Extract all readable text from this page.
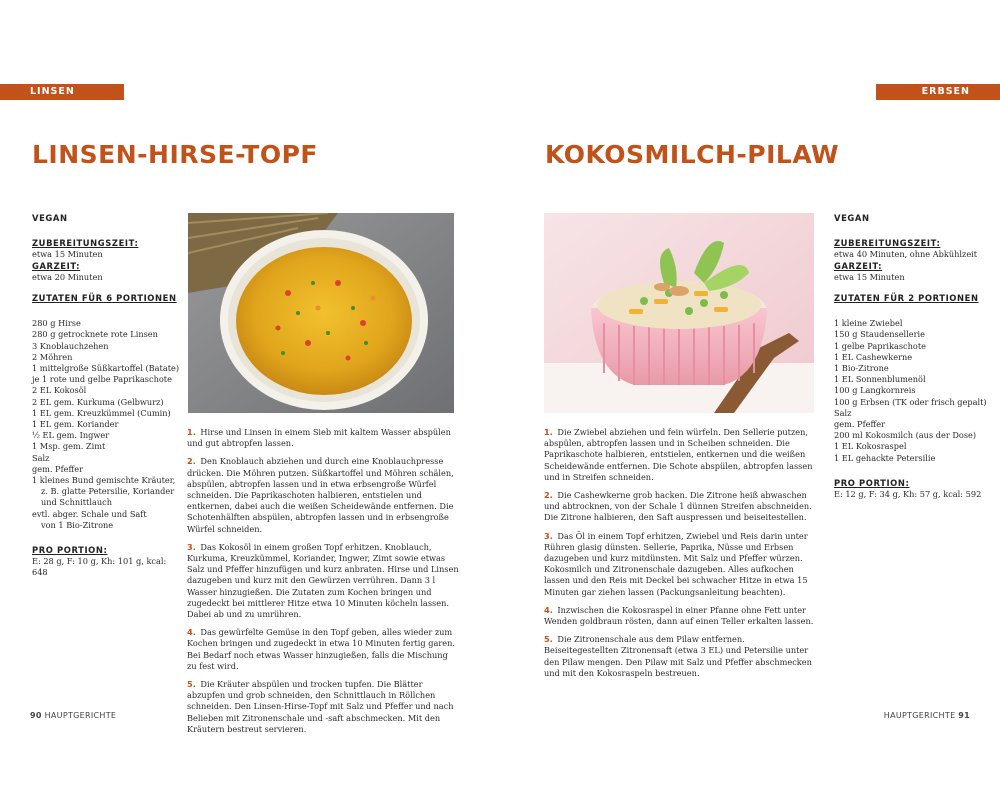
LINSEN
LINSEN-HIRSE-TOPF
VEGAN
ZUBEREITUNGSZEIT:
etwa 15 Minuten
GARZEIT:
etwa 20 Minuten
ZUTATEN FÜR 6 PORTIONEN
280 g Hirse
280 g getrocknete rote Linsen
3 Knoblauchzehen
2 Möhren
1 mittelgroße Süßkartoffel (Batate)
je 1 rote und gelbe Paprikaschote
2 EL Kokosöl
2 EL gem. Kurkuma (Gelbwurz)
1 EL gem. Kreuzkümmel (Cumin)
1 EL gem. Koriander
½ EL gem. Ingwer
1 Msp. gem. Zimt
Salz
gem. Pfeffer
1 kleines Bund gemischte Kräuter,
z. B. glatte Petersilie, Koriander
und Schnittlauch
evtl. abger. Schale und Saft
von 1 Bio-Zitrone
PRO PORTION:
E: 28 g, F: 10 g, Kh: 101 g, kcal: 648

1. Hirse und Linsen in einem Sieb mit kaltem Wasser abspülen und gut abtropfen lassen.

2. Den Knoblauch abziehen und durch eine Knoblauchpresse drücken. Die Möhren putzen. Süßkartoffel und Möhren schälen, abspülen, abtropfen lassen und in etwa erbsengroße Würfel schneiden. Die Paprikaschoten halbieren, entstielen und entkernen, dabei auch die weißen Scheidewände entfernen. Die Schotenhälften abspülen, abtropfen lassen und in erbsengroße Würfel schneiden.

3. Das Kokosöl in einem großen Topf erhitzen. Knoblauch, Kurkuma, Kreuzkümmel, Koriander, Ingwer, Zimt sowie etwas Salz und Pfeffer hinzufügen und kurz anbraten. Hirse und Linsen dazugeben und kurz mit den Gewürzen verrühren. Dann 3 l Wasser hinzugießen. Die Zutaten zum Kochen bringen und zugedeckt bei mittlerer Hitze etwa 10 Minuten köcheln lassen. Dabei ab und zu umrühren.

4. Das gewürfelte Gemüse in den Topf geben, alles wieder zum Kochen bringen und zugedeckt in etwa 10 Minuten fertig garen. Bei Bedarf noch etwas Wasser hinzugießen, falls die Mischung zu fest wird.

5. Die Kräuter abspülen und trocken tupfen. Die Blätter abzupfen und grob schneiden, den Schnittlauch in Röllchen schneiden. Den Linsen-Hirse-Topf mit Salz und Pfeffer und nach Belieben mit Zitronenschale und -saft abschmecken. Mit den Kräutern bestreut servieren.

90 HAUPTGERICHTE
ERBSEN
KOKOSMILCH-PILAW
VEGAN
ZUBEREITUNGSZEIT:
etwa 40 Minuten, ohne Abkühlzeit
GARZEIT:
etwa 15 Minuten
ZUTATEN FÜR 2 PORTIONEN
1 kleine Zwiebel
150 g Staudensellerie
1 gelbe Paprikaschote
1 EL Cashewkerne
1 Bio-Zitrone
1 EL Sonnenblumenöl
100 g Langkornreis
100 g Erbsen (TK oder frisch gepalt)
Salz
gem. Pfeffer
200 ml Kokosmilch (aus der Dose)
1 EL Kokosraspel
1 EL gehackte Petersilie
PRO PORTION:
E: 12 g, F: 34 g, Kh: 57 g, kcal: 592

1. Die Zwiebel abziehen und fein würfeln. Den Sellerie putzen, abspülen, abtropfen lassen und in Scheiben schneiden. Die Paprikaschote halbieren, entstielen, entkernen und die weißen Scheidewände entfernen. Die Schote abspülen, abtropfen lassen und in Streifen schneiden.

2. Die Cashewkerne grob hacken. Die Zitrone heiß abwaschen und abtrocknen, von der Schale 1 dünnen Streifen abschneiden. Die Zitrone halbieren, den Saft auspressen und beiseitestellen.

3. Das Öl in einem Topf erhitzen, Zwiebel und Reis darin unter Rühren glasig dünsten. Sellerie, Paprika, Nüsse und Erbsen dazugeben und kurz mitdünsten. Mit Salz und Pfeffer würzen. Kokosmilch und Zitronenschale dazugeben. Alles aufkochen lassen und den Reis mit Deckel bei schwacher Hitze in etwa 15 Minuten gar ziehen lassen (Packungsanleitung beachten).

4. Inzwischen die Kokosraspel in einer Pfanne ohne Fett unter Wenden goldbraun rösten, dann auf einen Teller erkalten lassen.

5. Die Zitronenschale aus dem Pilaw entfernen. Beiseitegestellten Zitronensaft (etwa 3 EL) und Petersilie unter den Pilaw mengen. Den Pilaw mit Salz und Pfeffer abschmecken und mit den Kokosraspeln bestreuen.

HAUPTGERICHTE 91
